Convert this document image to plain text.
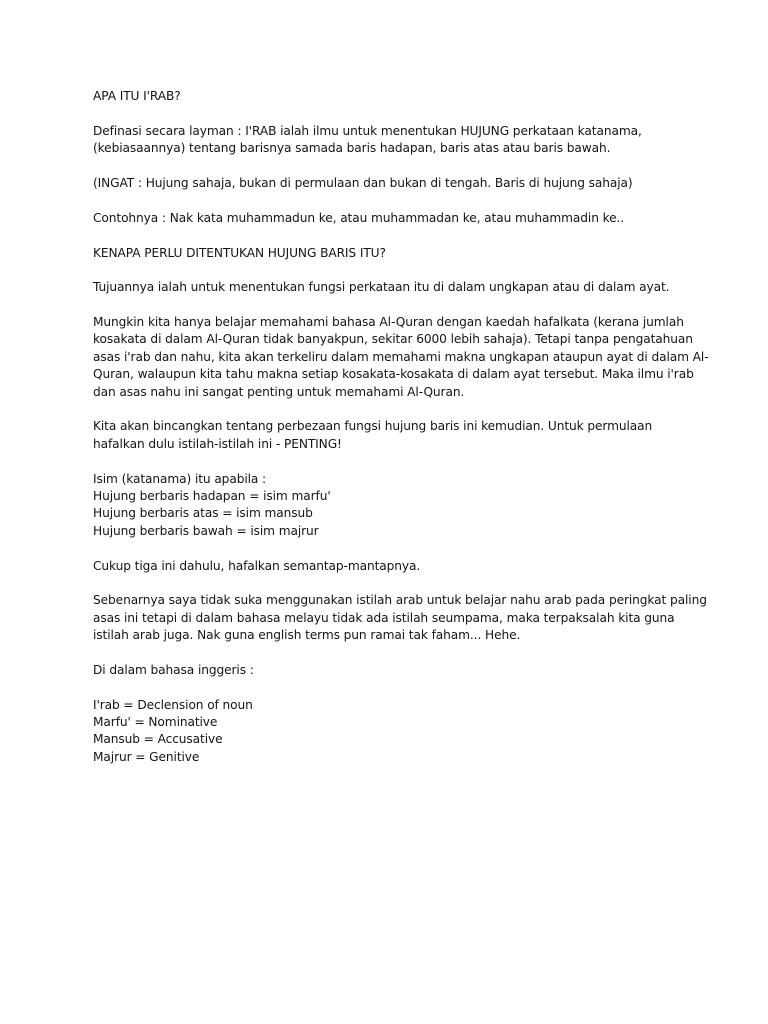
APA ITU I'RAB?
Definasi secara layman : I'RAB ialah ilmu untuk menentukan HUJUNG perkataan katanama,
(kebiasaannya) tentang barisnya samada baris hadapan, baris atas atau baris bawah.
(INGAT : Hujung sahaja, bukan di permulaan dan bukan di tengah. Baris di hujung sahaja)
Contohnya : Nak kata muhammadun ke, atau muhammadan ke, atau muhammadin ke..
KENAPA PERLU DITENTUKAN HUJUNG BARIS ITU?
Tujuannya ialah untuk menentukan fungsi perkataan itu di dalam ungkapan atau di dalam ayat.
Mungkin kita hanya belajar memahami bahasa Al-Quran dengan kaedah hafalkata (kerana jumlah
kosakata di dalam Al-Quran tidak banyakpun, sekitar 6000 lebih sahaja). Tetapi tanpa pengatahuan
asas i'rab dan nahu, kita akan terkeliru dalam memahami makna ungkapan ataupun ayat di dalam Al-
Quran, walaupun kita tahu makna setiap kosakata-kosakata di dalam ayat tersebut. Maka ilmu i'rab
dan asas nahu ini sangat penting untuk memahami Al-Quran.
Kita akan bincangkan tentang perbezaan fungsi hujung baris ini kemudian. Untuk permulaan
hafalkan dulu istilah-istilah ini - PENTING!
Isim (katanama) itu apabila :
Hujung berbaris hadapan = isim marfu'
Hujung berbaris atas = isim mansub
Hujung berbaris bawah = isim majrur
Cukup tiga ini dahulu, hafalkan semantap-mantapnya.
Sebenarnya saya tidak suka menggunakan istilah arab untuk belajar nahu arab pada peringkat paling
asas ini tetapi di dalam bahasa melayu tidak ada istilah seumpama, maka terpaksalah kita guna
istilah arab juga. Nak guna english terms pun ramai tak faham... Hehe.
Di dalam bahasa inggeris :
I'rab = Declension of noun
Marfu' = Nominative
Mansub = Accusative
Majrur = Genitive
